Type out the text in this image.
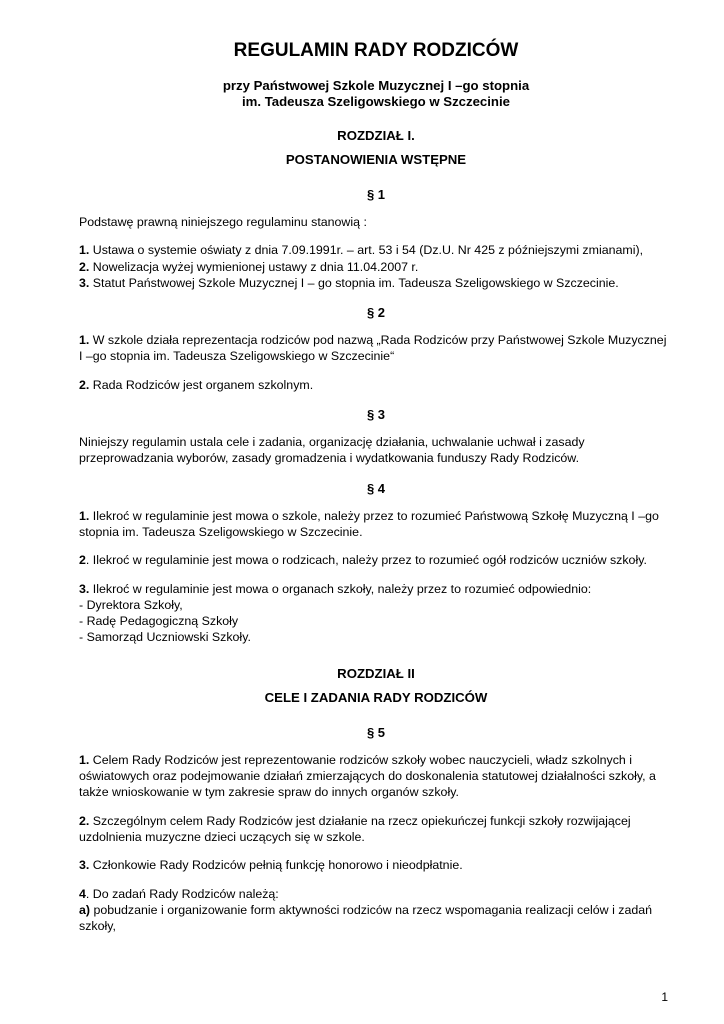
REGULAMIN RADY RODZICÓW
przy Państwowej Szkole Muzycznej I –go stopnia
im. Tadeusza Szeligowskiego w Szczecinie
ROZDZIAŁ I.
POSTANOWIENIA WSTĘPNE
§ 1

Podstawę prawną niniejszego regulaminu stanowią :

1. Ustawa o systemie oświaty z dnia 7.09.1991r. – art. 53 i 54 (Dz.U. Nr 425 z późniejszymi zmianami),

2. Nowelizacja wyżej wymienionej ustawy z dnia 11.04.2007 r.

3. Statut Państwowej Szkole Muzycznej I – go stopnia im. Tadeusza Szeligowskiego w Szczecinie.

§ 2

1. W szkole działa reprezentacja rodziców pod nazwą „Rada Rodziców przy Państwowej Szkole Muzycznej I –go stopnia im. Tadeusza Szeligowskiego w Szczecinie“

2. Rada Rodziców jest organem szkolnym.

§ 3

Niniejszy regulamin ustala cele i zadania, organizację działania, uchwalanie uchwał i zasady przeprowadzania wyborów, zasady gromadzenia i wydatkowania funduszy Rady Rodziców.

§ 4

1. Ilekroć w regulaminie jest mowa o szkole, należy przez to rozumieć Państwową Szkołę Muzyczną I –go stopnia im. Tadeusza Szeligowskiego w Szczecinie.

2. Ilekroć w regulaminie jest mowa o rodzicach, należy przez to rozumieć ogół rodziców uczniów szkoły.

3. Ilekroć w regulaminie jest mowa o organach szkoły, należy przez to rozumieć odpowiednio:

- Dyrektora Szkoły,

- Radę Pedagogiczną Szkoły

- Samorząd Uczniowski Szkoły.

ROZDZIAŁ II
CELE I ZADANIA RADY RODZICÓW
§ 5

1. Celem Rady Rodziców jest reprezentowanie rodziców szkoły wobec nauczycieli, władz szkolnych i oświatowych oraz podejmowanie działań zmierzających do doskonalenia statutowej działalności szkoły, a także wnioskowanie w tym zakresie spraw do innych organów szkoły.

2. Szczególnym celem Rady Rodziców jest działanie na rzecz opiekuńczej funkcji szkoły rozwijającej uzdolnienia muzyczne dzieci uczących się w szkole.

3. Członkowie Rady Rodziców pełnią funkcję honorowo i nieodpłatnie.

4. Do zadań Rady Rodziców należą:

a) pobudzanie i organizowanie form aktywności rodziców na rzecz wspomagania realizacji celów i zadań szkoły,

1
